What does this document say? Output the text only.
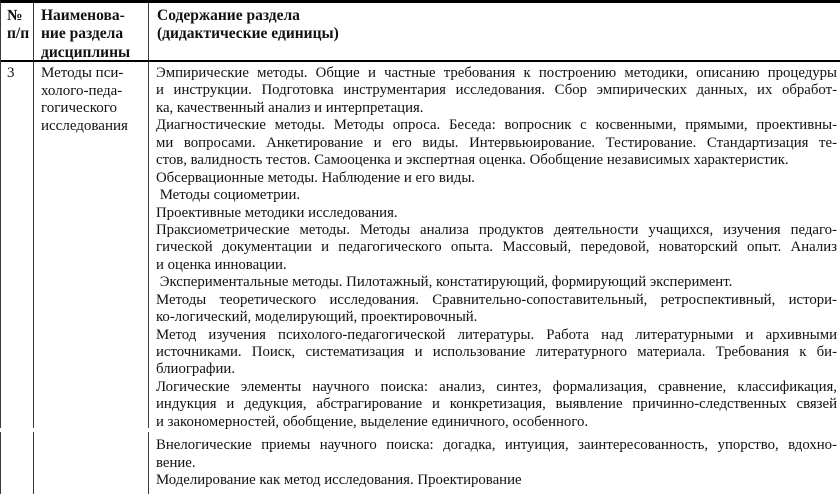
№
п/п
Наименова-
ние раздела
дисциплины
Содержание раздела
(дидактические единицы)
3	Методы пси-
холого-педа-
гогического
исследования
Эмпирические методы. Общие и частные требования к построению методики, описанию процедуры
и инструкции. Подготовка инструментария исследования. Сбор эмпирических данных, их обработ-
ка, качественный анализ и интерпретация.
Диагностические методы. Методы опроса. Беседа: вопросник с косвенными, прямыми, проективны-
ми вопросами. Анкетирование и его виды. Интервьюирование. Тестирование. Стандартизация те-
стов, валидность тестов. Самооценка и экспертная оценка. Обобщение независимых характеристик.
Обсервационные методы. Наблюдение и его виды.
Методы социометрии.
Проективные методики исследования.
Праксиометрические методы. Методы анализа продуктов деятельности учащихся, изучения педаго-
гической документации и педагогического опыта. Массовый, передовой, новаторский опыт. Анализ
и оценка инновации.
Экспериментальные методы. Пилотажный, констатирующий, формирующий эксперимент.
Методы теоретического исследования. Сравнительно-сопоставительный, ретроспективный, истори-
ко-логический, моделирующий, проектировочный.
Метод изучения психолого-педагогической литературы. Работа над литературными и архивными
источниками. Поиск, систематизация и использование литературного материала. Требования к би-
блиографии.
Логические элементы научного поиска: анализ, синтез, формализация, сравнение, классификация,
индукция и дедукция, абстрагирование и конкретизация, выявление причинно-следственных связей
и закономерностей, обобщение, выделение единичного, особенного.
Внелогические приемы научного поиска: догадка, интуиция, заинтересованность, упорство, вдохно-
вение.
Моделирование как метод исследования. Проектирование
